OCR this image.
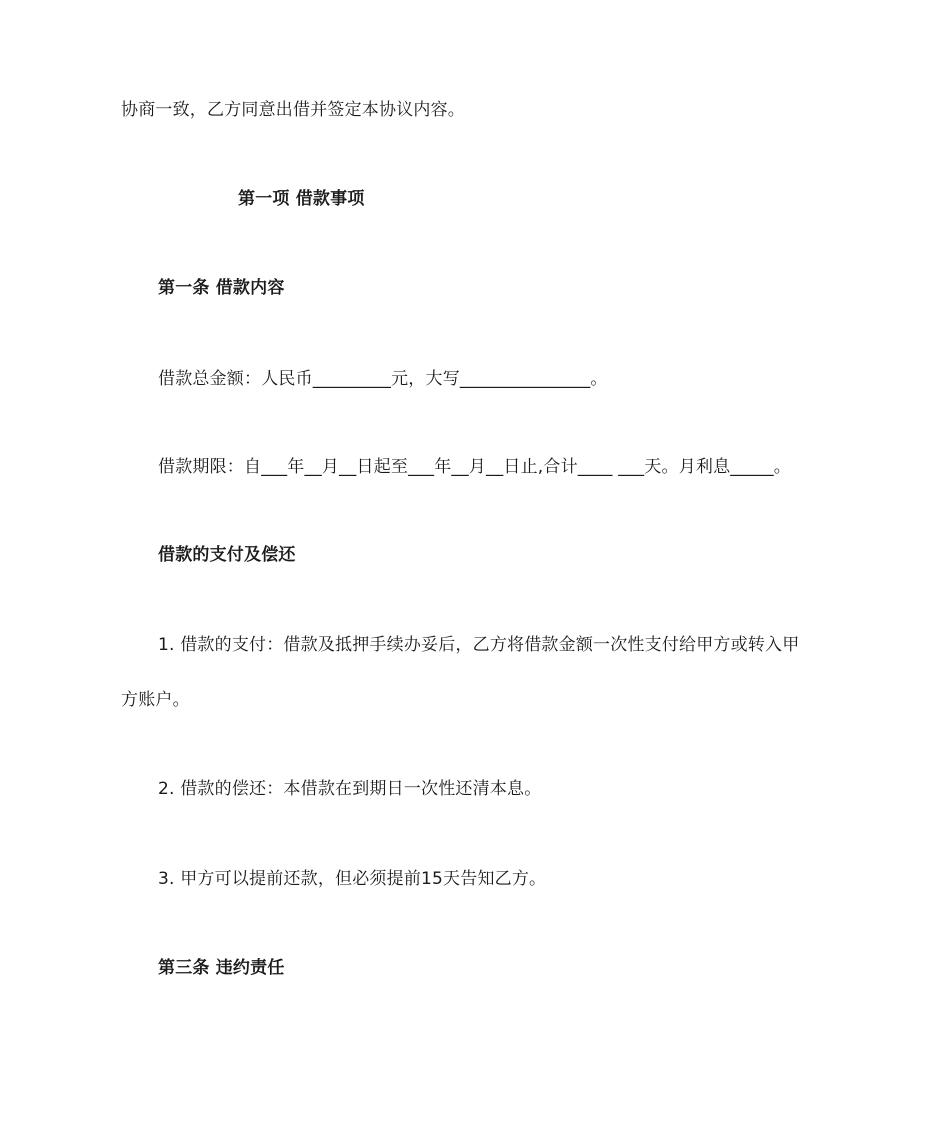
协商一致，乙方同意出借并签定本协议内容。
第一项 借款事项
第一条 借款内容
借款总金额：人民币_________元，大写_______________。
借款期限：自___年__月__日起至___年__月__日止,合计____ ___天。月利息_____。
借款的支付及偿还
1. 借款的支付：借款及抵押手续办妥后，乙方将借款金额一次性支付给甲方或转入甲
方账户。
2. 借款的偿还：本借款在到期日一次性还清本息。
3. 甲方可以提前还款，但必须提前15天告知乙方。
第三条 违约责任
